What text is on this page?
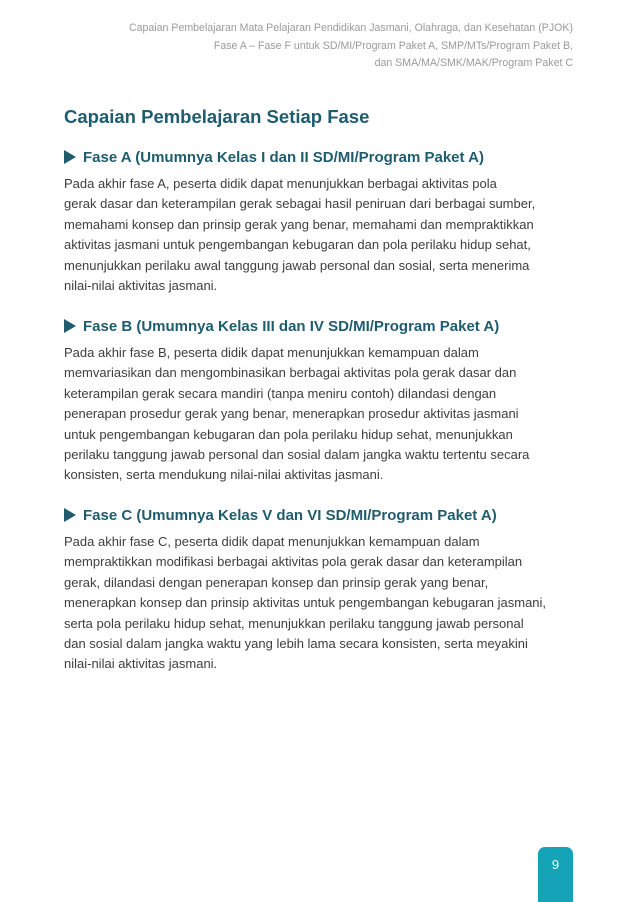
Capaian Pembelajaran Mata Pelajaran Pendidikan Jasmani, Olahraga, dan Kesehatan (PJOK)
Fase A – Fase F untuk SD/MI/Program Paket A, SMP/MTs/Program Paket B,
dan SMA/MA/SMK/MAK/Program Paket C
Capaian Pembelajaran Setiap Fase
Fase A (Umumnya Kelas I dan II SD/MI/Program Paket A)
Pada akhir fase A, peserta didik dapat menunjukkan berbagai aktivitas pola
gerak dasar dan keterampilan gerak sebagai hasil peniruan dari berbagai sumber,
memahami konsep dan prinsip gerak yang benar, memahami dan mempraktikkan
aktivitas jasmani untuk pengembangan kebugaran dan pola perilaku hidup sehat,
menunjukkan perilaku awal tanggung jawab personal dan sosial, serta menerima
nilai-nilai aktivitas jasmani.
Fase B (Umumnya Kelas III dan IV SD/MI/Program Paket A)
Pada akhir fase B, peserta didik dapat menunjukkan kemampuan dalam
memvariasikan dan mengombinasikan berbagai aktivitas pola gerak dasar dan
keterampilan gerak secara mandiri (tanpa meniru contoh) dilandasi dengan
penerapan prosedur gerak yang benar, menerapkan prosedur aktivitas jasmani
untuk pengembangan kebugaran dan pola perilaku hidup sehat, menunjukkan
perilaku tanggung jawab personal dan sosial dalam jangka waktu tertentu secara
konsisten, serta mendukung nilai-nilai aktivitas jasmani.
Fase C (Umumnya Kelas V dan VI SD/MI/Program Paket A)
Pada akhir fase C, peserta didik dapat menunjukkan kemampuan dalam
mempraktikkan modifikasi berbagai aktivitas pola gerak dasar dan keterampilan
gerak, dilandasi dengan penerapan konsep dan prinsip gerak yang benar,
menerapkan konsep dan prinsip aktivitas untuk pengembangan kebugaran jasmani,
serta pola perilaku hidup sehat, menunjukkan perilaku tanggung jawab personal
dan sosial dalam jangka waktu yang lebih lama secara konsisten, serta meyakini
nilai-nilai aktivitas jasmani.
9
